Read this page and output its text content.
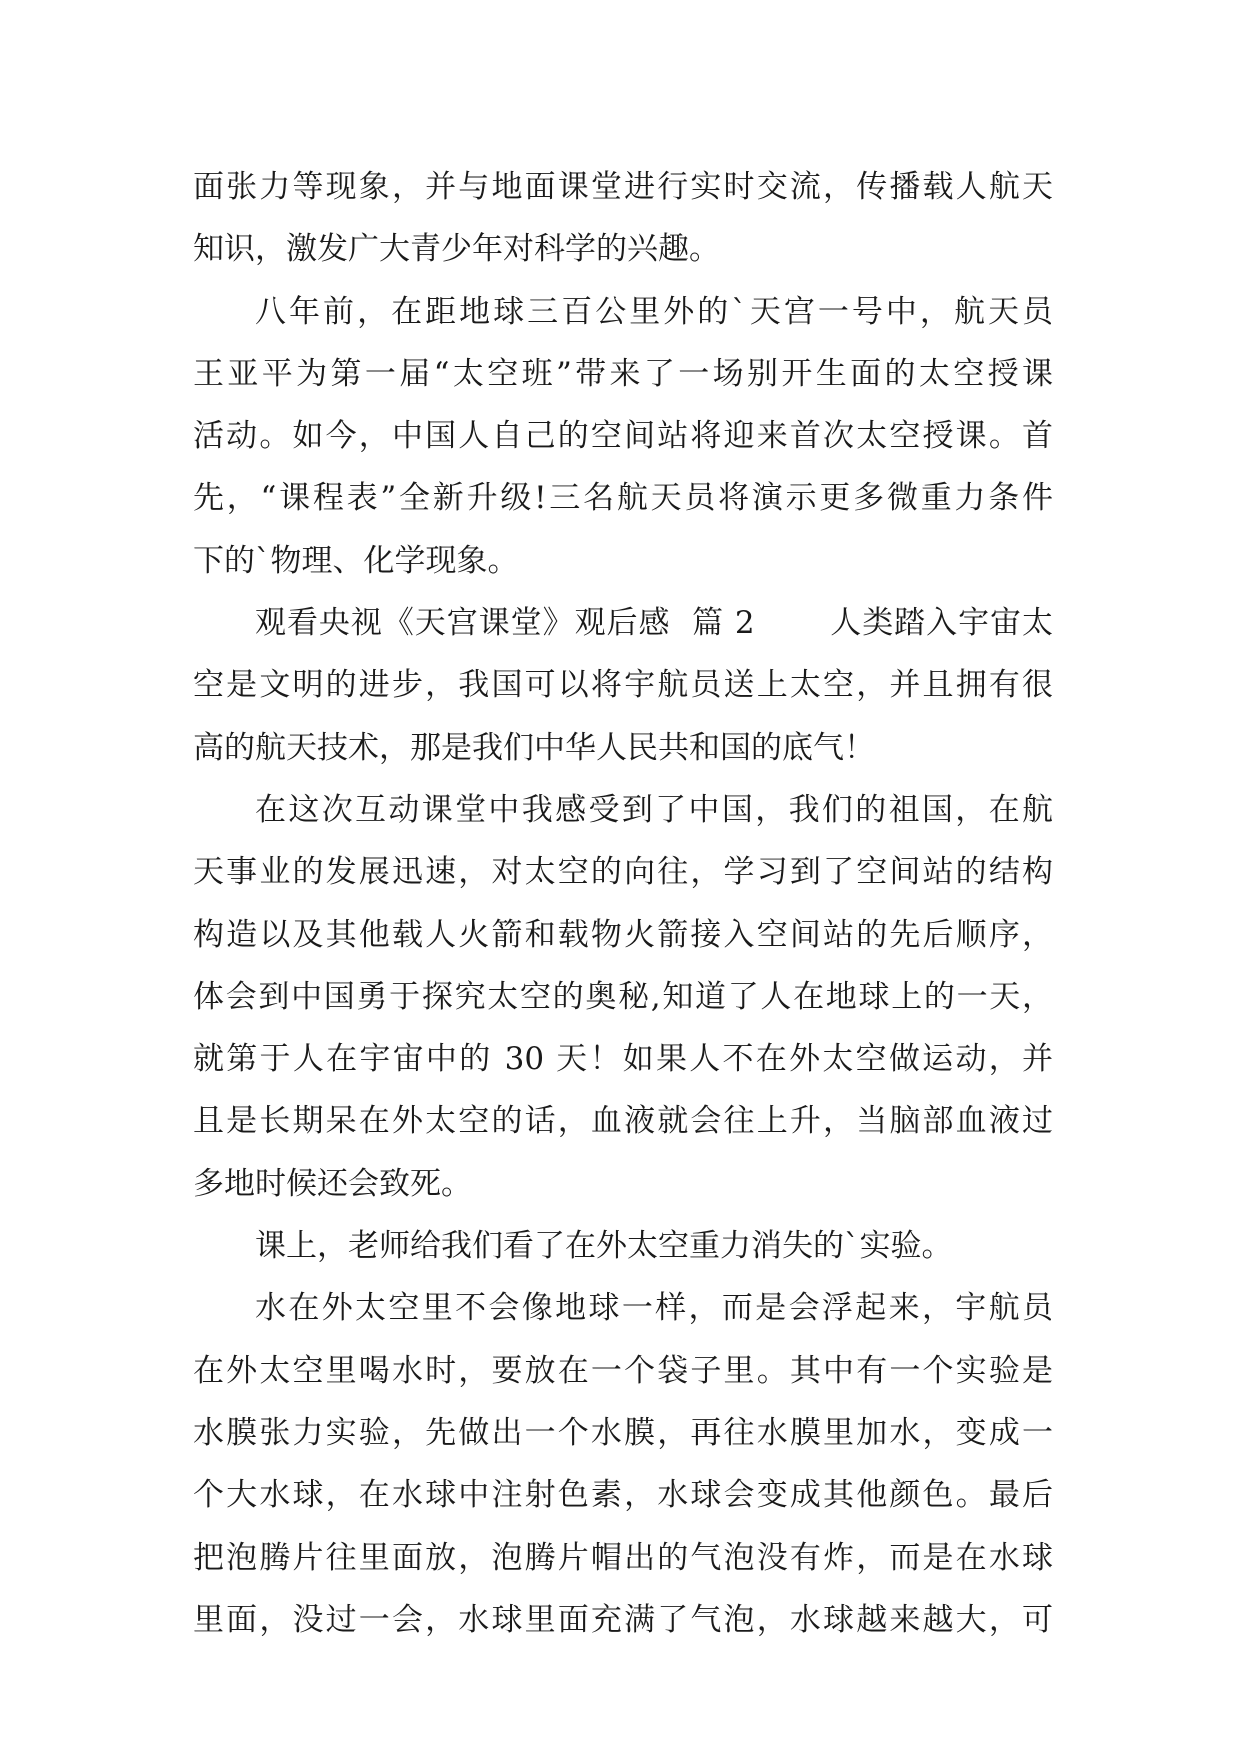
面张力等现象，并与地面课堂进行实时交流，传播载人航天
知识，激发广大青少年对科学的兴趣。
八年前，在距地球三百公里外的`天宫一号中，航天员
王亚平为第一届“太空班”带来了一场别开生面的太空授课
活动。如今，中国人自己的空间站将迎来首次太空授课。首
先，“课程表”全新升级!三名航天员将演示更多微重力条件
下的`物理、化学现象。
观看央视《天宫课堂》观后感  篇 2       人类踏入宇宙太
空是文明的进步，我国可以将宇航员送上太空，并且拥有很
高的航天技术，那是我们中华人民共和国的底气！
在这次互动课堂中我感受到了中国，我们的祖国，在航
天事业的发展迅速，对太空的向往，学习到了空间站的结构
构造以及其他载人火箭和载物火箭接入空间站的先后顺序，
体会到中国勇于探究太空的奥秘,知道了人在地球上的一天，
就第于人在宇宙中的 30 天！如果人不在外太空做运动，并
且是长期呆在外太空的话，血液就会往上升，当脑部血液过
多地时候还会致死。
课上，老师给我们看了在外太空重力消失的`实验。
水在外太空里不会像地球一样，而是会浮起来，宇航员
在外太空里喝水时，要放在一个袋子里。其中有一个实验是
水膜张力实验，先做出一个水膜，再往水膜里加水，变成一
个大水球，在水球中注射色素，水球会变成其他颜色。最后
把泡腾片往里面放，泡腾片帽出的气泡没有炸，而是在水球
里面，没过一会，水球里面充满了气泡，水球越来越大，可
